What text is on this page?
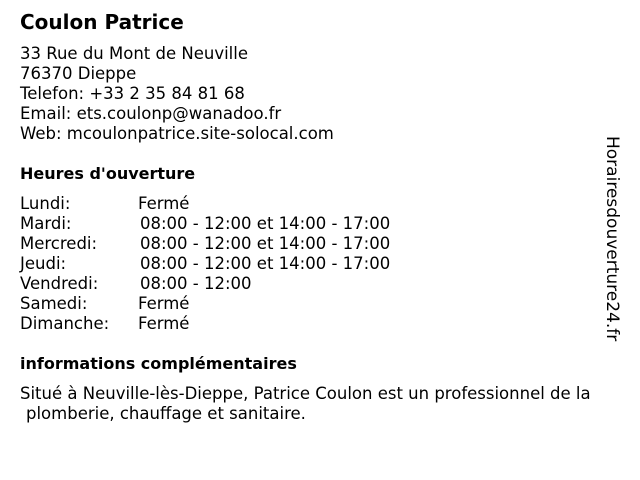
Coulon Patrice
33 Rue du Mont de Neuville
76370 Dieppe
Telefon: +33 2 35 84 81 68
Email: ets.coulonp@wanadoo.fr
Web: mcoulonpatrice.site-solocal.com
Heures d'ouverture
Lundi:	Fermé
Mardi:	08:00 - 12:00 et 14:00 - 17:00
Mercredi:	08:00 - 12:00 et 14:00 - 17:00
Jeudi:	08:00 - 12:00 et 14:00 - 17:00
Vendredi:	08:00 - 12:00
Samedi:	Fermé
Dimanche: Fermé
informations complémentaires
Situé à Neuville-lès-Dieppe, Patrice Coulon est un professionnel de la
plomberie, chauffage et sanitaire.
Horairesdouverture24.fr
